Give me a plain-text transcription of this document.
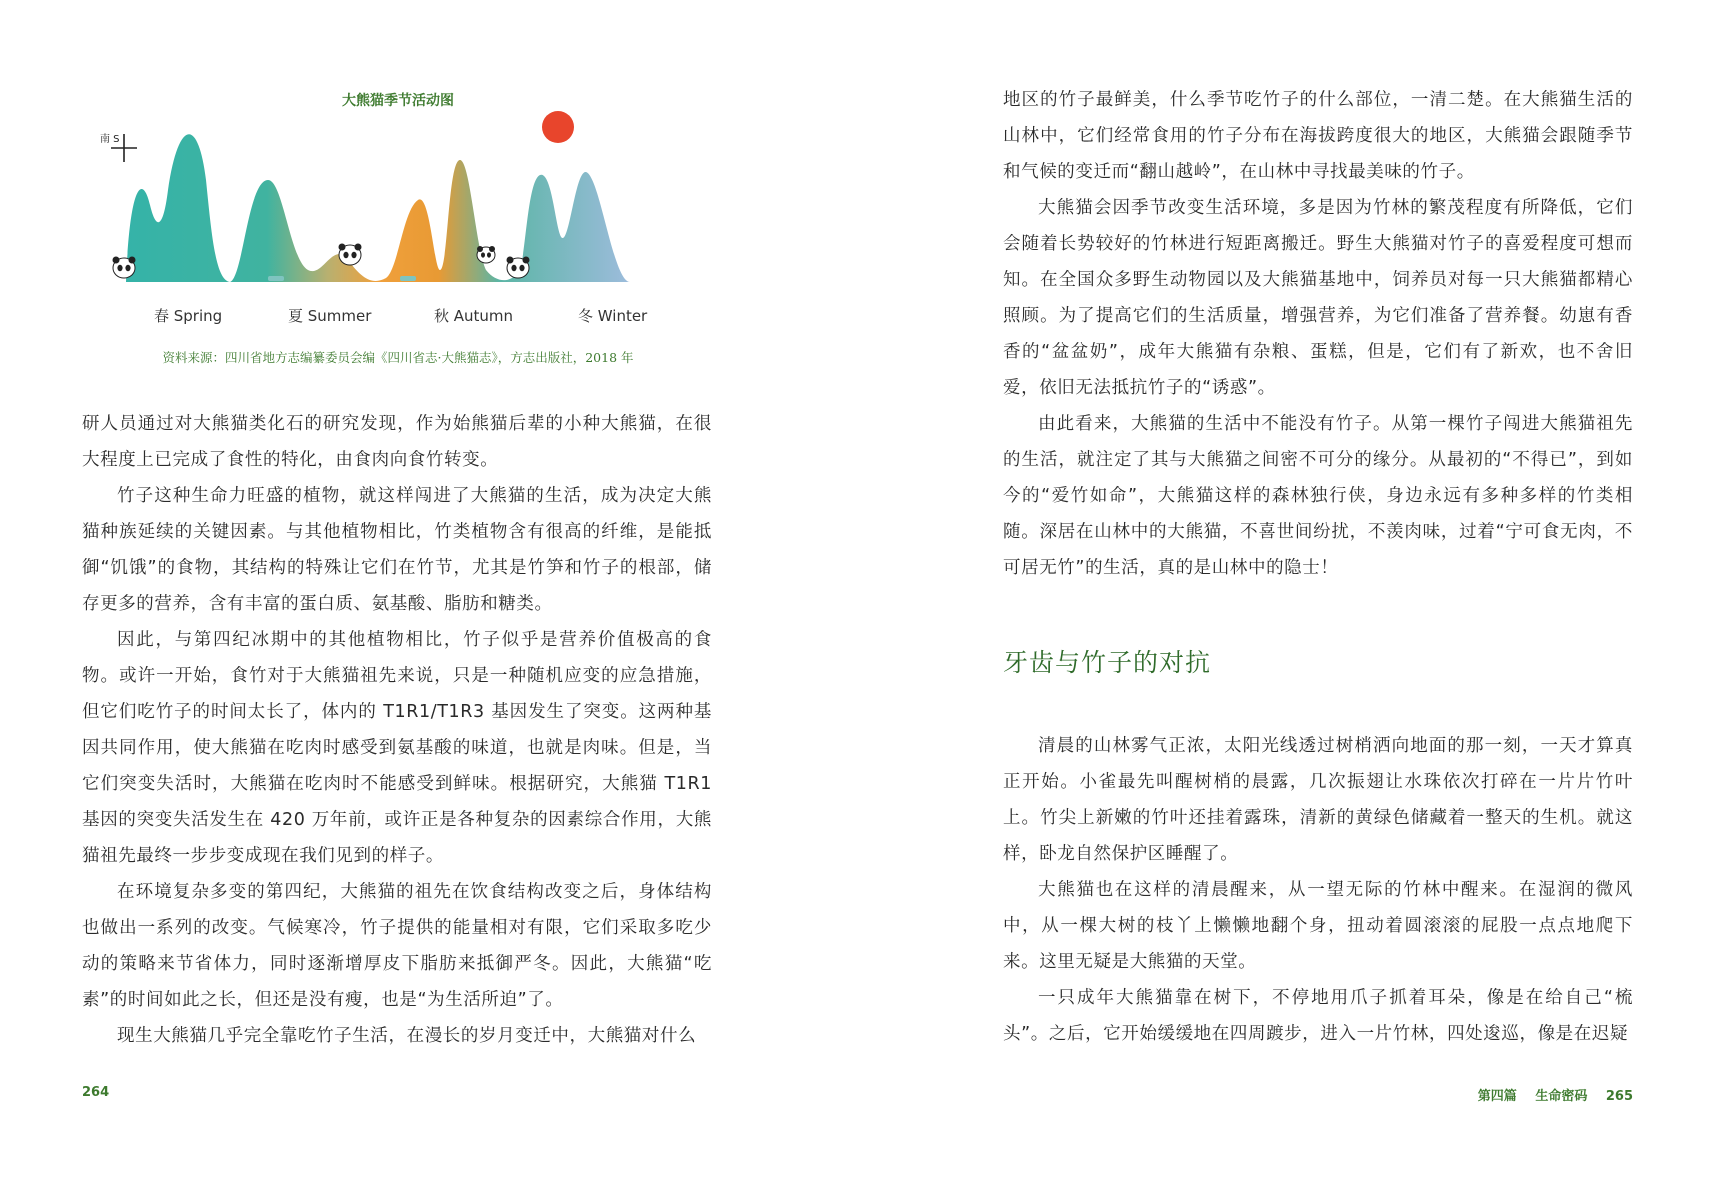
大熊猫季节活动图
南 S
春 Spring	夏 Summer	秋 Autumn	冬 Winter
资料来源：四川省地方志编纂委员会编《四川省志·大熊猫志》，方志出版社，2018 年

研人员通过对大熊猫类化石的研究发现，作为始熊猫后辈的小种大熊猫，在很大程度上已完成了食性的特化，由食肉向食竹转变。

竹子这种生命力旺盛的植物，就这样闯进了大熊猫的生活，成为决定大熊猫种族延续的关键因素。与其他植物相比，竹类植物含有很高的纤维，是能抵御“饥饿”的食物，其结构的特殊让它们在竹节，尤其是竹笋和竹子的根部，储存更多的营养，含有丰富的蛋白质、氨基酸、脂肪和糖类。

因此，与第四纪冰期中的其他植物相比，竹子似乎是营养价值极高的食物。或许一开始，食竹对于大熊猫祖先来说，只是一种随机应变的应急措施，但它们吃竹子的时间太长了，体内的 T1R1/T1R3 基因发生了突变。这两种基因共同作用，使大熊猫在吃肉时感受到氨基酸的味道，也就是肉味。但是，当它们突变失活时，大熊猫在吃肉时不能感受到鲜味。根据研究，大熊猫 T1R1 基因的突变失活发生在 420 万年前，或许正是各种复杂的因素综合作用，大熊猫祖先最终一步步变成现在我们见到的样子。

在环境复杂多变的第四纪，大熊猫的祖先在饮食结构改变之后，身体结构也做出一系列的改变。气候寒冷，竹子提供的能量相对有限，它们采取多吃少动的策略来节省体力，同时逐渐增厚皮下脂肪来抵御严冬。因此，大熊猫“吃素”的时间如此之长，但还是没有瘦，也是“为生活所迫”了。

现生大熊猫几乎完全靠吃竹子生活，在漫长的岁月变迁中，大熊猫对什么

264

地区的竹子最鲜美，什么季节吃竹子的什么部位，一清二楚。在大熊猫生活的山林中，它们经常食用的竹子分布在海拔跨度很大的地区，大熊猫会跟随季节和气候的变迁而“翻山越岭”，在山林中寻找最美味的竹子。

大熊猫会因季节改变生活环境，多是因为竹林的繁茂程度有所降低，它们会随着长势较好的竹林进行短距离搬迁。野生大熊猫对竹子的喜爱程度可想而知。在全国众多野生动物园以及大熊猫基地中，饲养员对每一只大熊猫都精心照顾。为了提高它们的生活质量，增强营养，为它们准备了营养餐。幼崽有香香的“盆盆奶”，成年大熊猫有杂粮、蛋糕，但是，它们有了新欢，也不舍旧爱，依旧无法抵抗竹子的“诱惑”。

由此看来，大熊猫的生活中不能没有竹子。从第一棵竹子闯进大熊猫祖先的生活，就注定了其与大熊猫之间密不可分的缘分。从最初的“不得已”，到如今的“爱竹如命”，大熊猫这样的森林独行侠，身边永远有多种多样的竹类相随。深居在山林中的大熊猫，不喜世间纷扰，不羡肉味，过着“宁可食无肉，不可居无竹”的生活，真的是山林中的隐士！

牙齿与竹子的对抗

清晨的山林雾气正浓，太阳光线透过树梢洒向地面的那一刻，一天才算真正开始。小雀最先叫醒树梢的晨露，几次振翅让水珠依次打碎在一片片竹叶上。竹尖上新嫩的竹叶还挂着露珠，清新的黄绿色储藏着一整天的生机。就这样，卧龙自然保护区睡醒了。

大熊猫也在这样的清晨醒来，从一望无际的竹林中醒来。在湿润的微风中，从一棵大树的枝丫上懒懒地翻个身，扭动着圆滚滚的屁股一点点地爬下来。这里无疑是大熊猫的天堂。

一只成年大熊猫靠在树下，不停地用爪子抓着耳朵，像是在给自己“梳头”。之后，它开始缓缓地在四周踱步，进入一片竹林，四处逡巡，像是在迟疑

第四篇 生命密码 265
